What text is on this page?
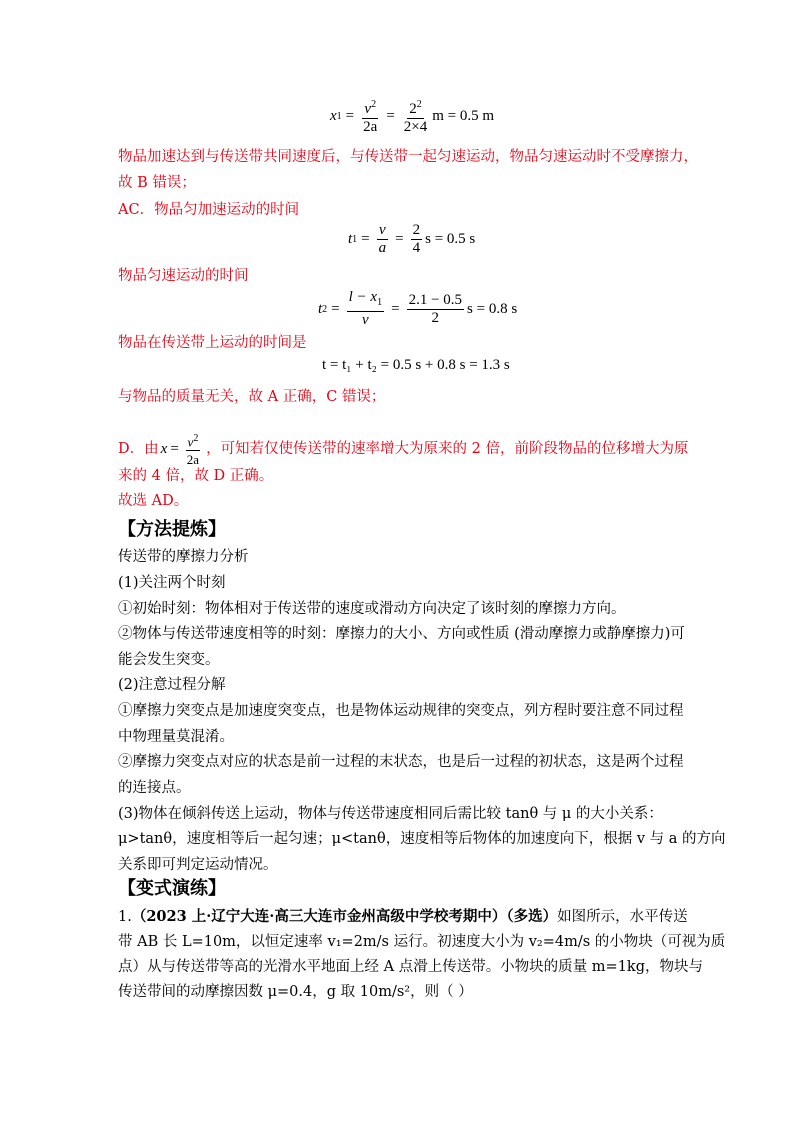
x $1 = \frac{v^2}{2a} = \frac{2^2}{2\times 4}$ m = 0.5 m
物品加速达到与传送带共同速度后，与传送带一起匀速运动，物品匀速运动时不受摩擦力，
故 B 错误；
AC．物品匀加速运动的时间
t $1 = \frac{v}{a} = \frac{2}{4}$ s = 0.5 s
物品匀速运动的时间
t $2 = \frac{l - x_1}{v} = \frac{2.1 - 0.5}{2}$ s = 0.8 s
物品在传送带上运动的时间是
t = t₁ + t₂ = 0.5 s + 0.8 s = 1.3 s
与物品的质量无关，故 A 正确，C 错误；
D．由 $x = \frac{v^2}{2a}$ ，可知若仅使传送带的速率增大为原来的 2 倍，前阶段物品的位移增大为原
来的 4 倍，故 D 正确。
故选 AD。
【方法提炼】
传送带的摩擦力分析
(1)关注两个时刻
①初始时刻：物体相对于传送带的速度或滑动方向决定了该时刻的摩擦力方向。
②物体与传送带速度相等的时刻：摩擦力的大小、方向或性质 (滑动摩擦力或静摩擦力)可
能会发生突变。
(2)注意过程分解
①摩擦力突变点是加速度突变点，也是物体运动规律的突变点，列方程时要注意不同过程
中物理量莫混淆。
②摩擦力突变点对应的状态是前一过程的末状态，也是后一过程的初状态，这是两个过程
的连接点。
(3)物体在倾斜传送上运动，物体与传送带速度相同后需比较 tanθ 与 μ 的大小关系：
μ>tanθ，速度相等后一起匀速；μ<tanθ，速度相等后物体的加速度向下，根据 v 与 a 的方向
关系即可判定运动情况。
【变式演练】
1.（2023 上·辽宁大连·高三大连市金州高级中学校考期中）（多选）如图所示，水平传送
带 AB 长 L=10m，以恒定速率 v₁=2m/s 运行。初速度大小为 v₂=4m/s 的小物块（可视为质
点）从与传送带等高的光滑水平地面上经 A 点滑上传送带。小物块的质量 m=1kg，物块与
传送带间的动摩擦因数 μ=0.4，g 取 10m/s²，则（ ）
